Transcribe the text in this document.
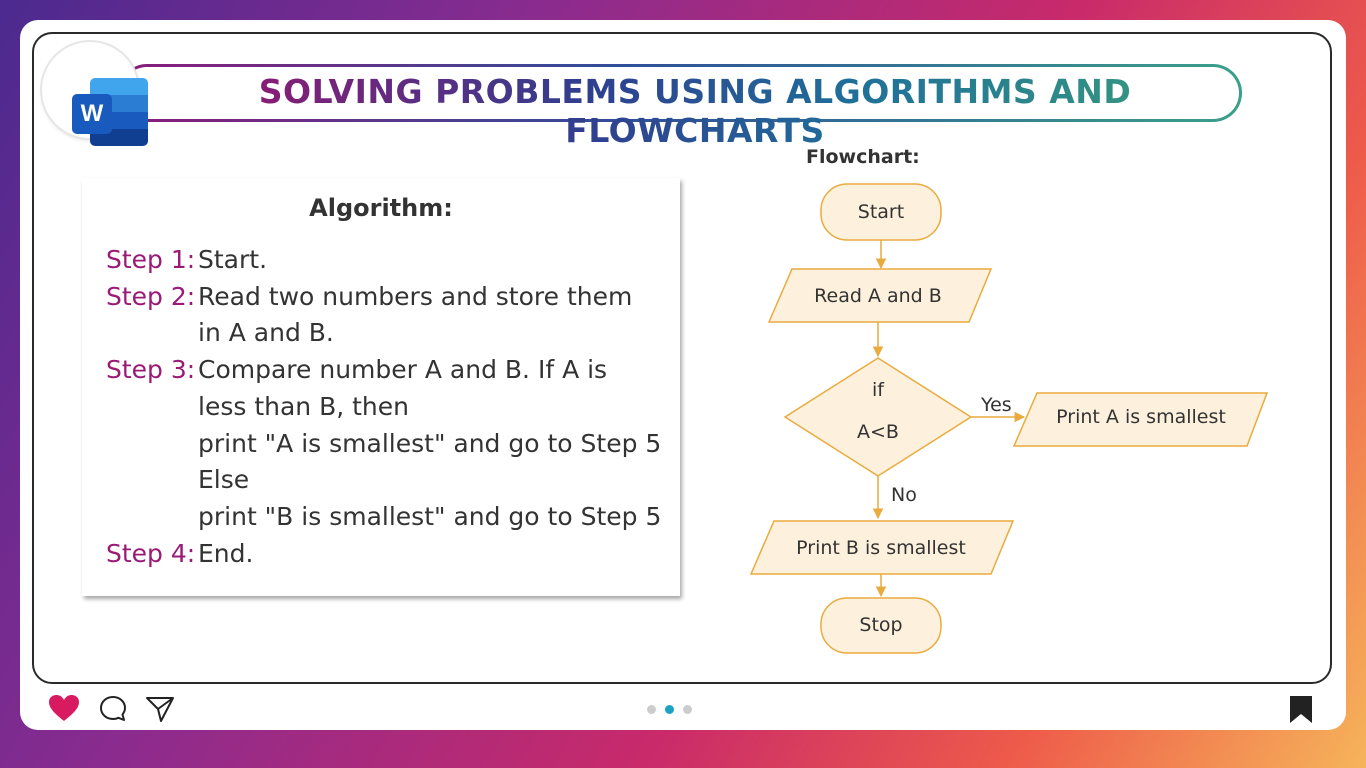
SOLVING PROBLEMS USING ALGORITHMS AND FLOWCHARTS
W
Algorithm:
Step 1: Start.
Step 2: Read two numbers and store them
in A and B.
Step 3: Compare number A and B. If A is
less than B, then
print "A is smallest" and go to Step 5
Else
print "B is smallest" and go to Step 5
Step 4: End.
Flowchart:
Start
Read A and B
if
A<B
Print A is smallest
Print B is smallest
Stop
Yes
No
